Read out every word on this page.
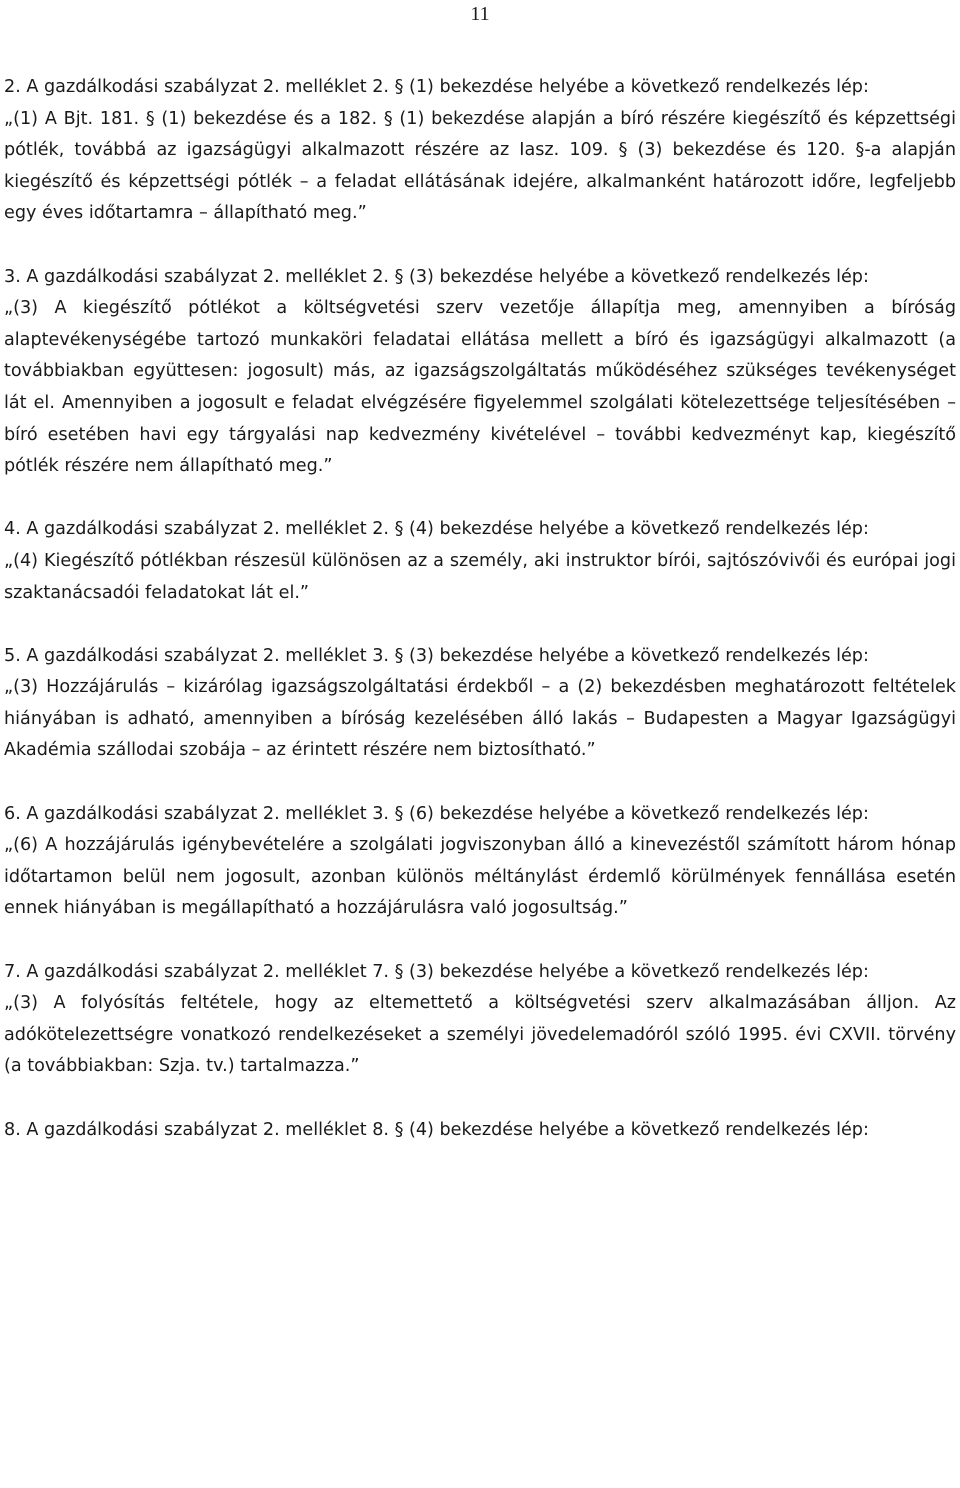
11

2. A gazdálkodási szabályzat 2. melléklet 2. § (1) bekezdése helyébe a következő rendelkezés lép:

„(1) A Bjt. 181. § (1) bekezdése és a 182. § (1) bekezdése alapján a bíró részére kiegészítő és képzettségi pótlék, továbbá az igazságügyi alkalmazott részére az Iasz. 109. § (3) bekezdése és 120. §-a alapján kiegészítő és képzettségi pótlék – a feladat ellátásának idejére, alkalmanként határozott időre, legfeljebb egy éves időtartamra – állapítható meg.”

3. A gazdálkodási szabályzat 2. melléklet 2. § (3) bekezdése helyébe a következő rendelkezés lép:

„(3) A kiegészítő pótlékot a költségvetési szerv vezetője állapítja meg, amennyiben a bíróság alaptevékenységébe tartozó munkaköri feladatai ellátása mellett a bíró és igazságügyi alkalmazott (a továbbiakban együttesen: jogosult) más, az igazságszolgáltatás működéséhez szükséges tevékenységet lát el. Amennyiben a jogosult e feladat elvégzésére figyelemmel szolgálati kötelezettsége teljesítésében – bíró esetében havi egy tárgyalási nap kedvezmény kivételével – további kedvezményt kap, kiegészítő pótlék részére nem állapítható meg.”

4. A gazdálkodási szabályzat 2. melléklet 2. § (4) bekezdése helyébe a következő rendelkezés lép:

„(4) Kiegészítő pótlékban részesül különösen az a személy, aki instruktor bírói, sajtószóvivői és európai jogi szaktanácsadói feladatokat lát el.”

5. A gazdálkodási szabályzat 2. melléklet 3. § (3) bekezdése helyébe a következő rendelkezés lép:

„(3) Hozzájárulás – kizárólag igazságszolgáltatási érdekből – a (2) bekezdésben meghatározott feltételek hiányában is adható, amennyiben a bíróság kezelésében álló lakás – Budapesten a Magyar Igazságügyi Akadémia szállodai szobája – az érintett részére nem biztosítható.”

6. A gazdálkodási szabályzat 2. melléklet 3. § (6) bekezdése helyébe a következő rendelkezés lép:

„(6) A hozzájárulás igénybevételére a szolgálati jogviszonyban álló a kinevezéstől számított három hónap időtartamon belül nem jogosult, azonban különös méltánylást érdemlő körülmények fennállása esetén ennek hiányában is megállapítható a hozzájárulásra való jogosultság.”

7. A gazdálkodási szabályzat 2. melléklet 7. § (3) bekezdése helyébe a következő rendelkezés lép:

„(3) A folyósítás feltétele, hogy az eltemettető a költségvetési szerv alkalmazásában álljon. Az adókötelezettségre vonatkozó rendelkezéseket a személyi jövedelemadóról szóló 1995. évi CXVII. törvény (a továbbiakban: Szja. tv.) tartalmazza.”

8. A gazdálkodási szabályzat 2. melléklet 8. § (4) bekezdése helyébe a következő rendelkezés lép:
